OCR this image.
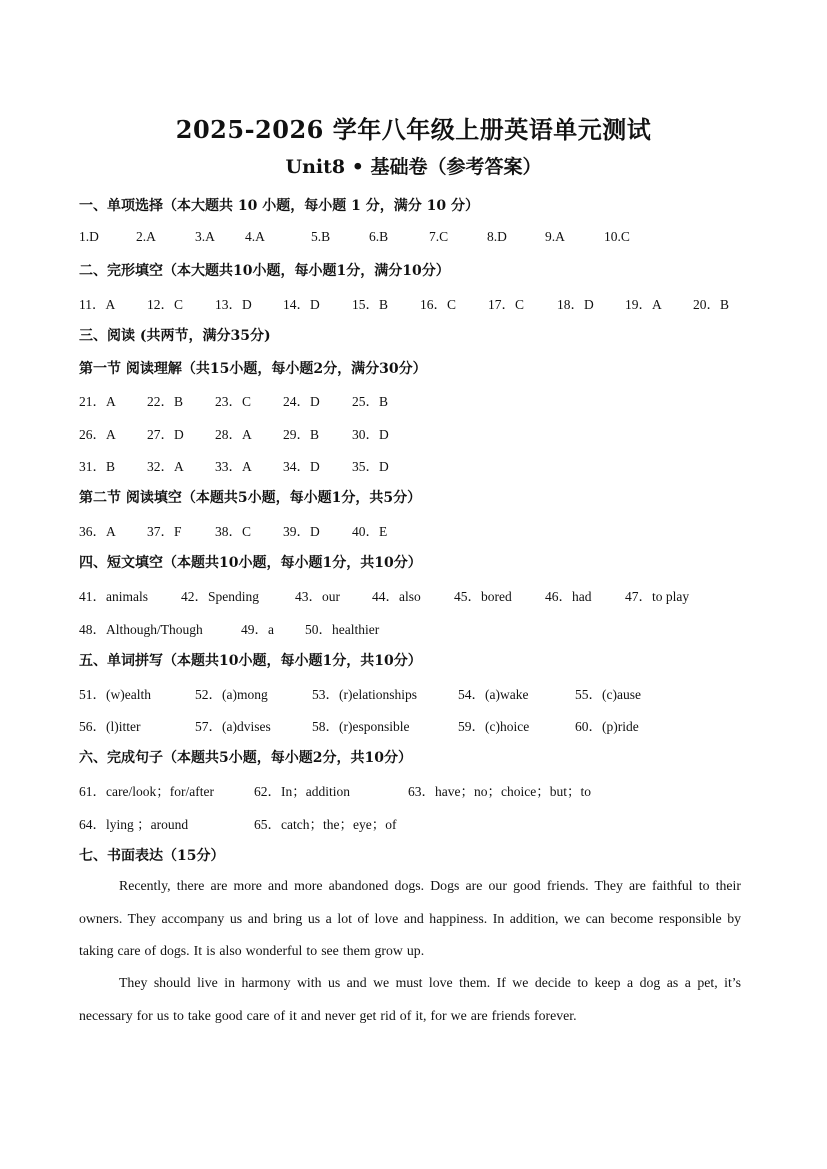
2025-2026 学年八年级上册英语单元测试
Unit8 • 基础卷（参考答案）
一、单项选择（本大题共 10 小题，每小题 1 分，满分 10 分）
1.D	2.A	3.A 4.A	5.B	6.B	7.C	8.D	9.A	10.C
二、完形填空（本大题共10小题，每小题1分，满分10分）
11．A 12．C 13．D 14．D 15．B 16．C 17．C 18．D 19．A 20．B
三、阅读 (共两节，满分35分)
第一节 阅读理解（共15小题，每小题2分，满分30分）
21．A 22．B 23．C 24．D 25．B
26．A 27．D 28．A 29．B 30．D
31．B 32．A 33．A 34．D 35．D
第二节 阅读填空（本题共5小题，每小题1分，共5分）
36．A 37．F 38．C 39．D 40．E
四、短文填空（本题共10小题，每小题1分，共10分）
41．animals 42．Spending	43．our 44．also 45．bored 46．had 47．to play
48．Although/Though	49．a 50．healthier
五、单词拼写（本题共10小题，每小题1分，共10分）
51．(w)ealth	52．(a)mong	53．(r)elationships	54．(a)wake	55．(c)ause
56．(l)itter	57．(a)dvises	58．(r)esponsible	59．(c)hoice	60．(p)ride
六、完成句子（本题共5小题，每小题2分，共10分）
61．care/look；for/after	62．In；addition	63．have；no；choice；but；to
64．lying ；around	65．catch；the；eye；of
七、书面表达（15分）
Recently, there are more and more abandoned dogs. Dogs are our good friends. They are faithful to their owners. They accompany us and bring us a lot of love and happiness. In addition, we can become responsible by taking care of dogs. It is also wonderful to see them grow up.
They should live in harmony with us and we must love them. If we decide to keep a dog as a pet, it’s necessary for us to take good care of it and never get rid of it, for we are friends forever.
